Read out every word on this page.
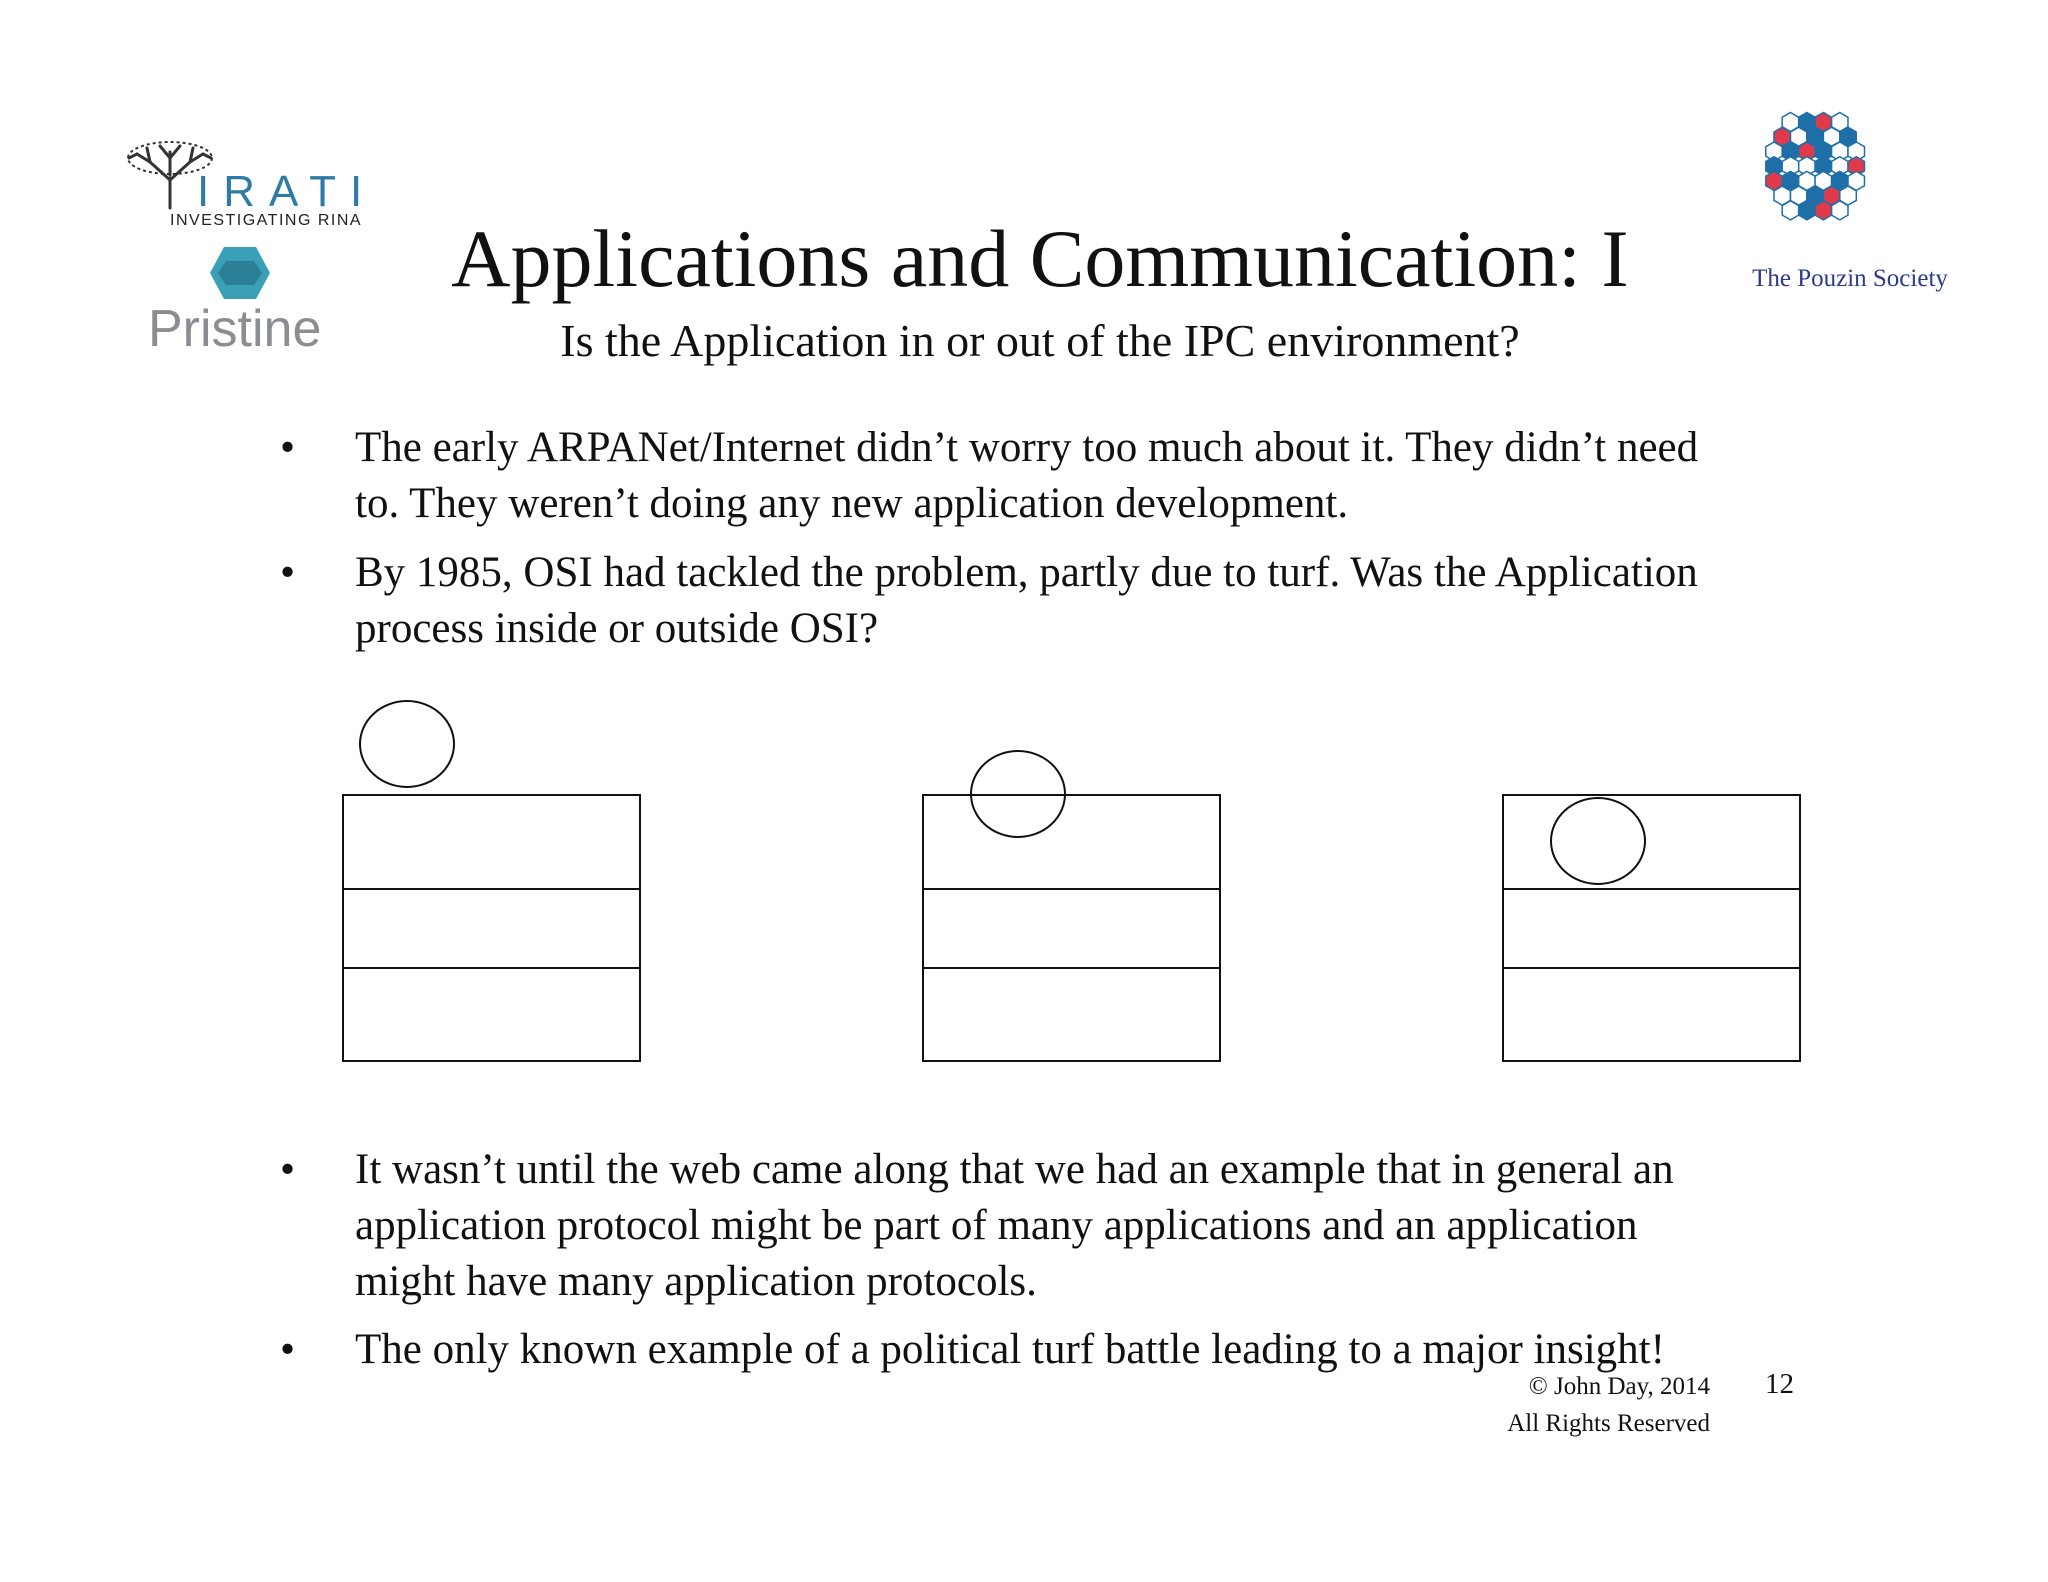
IRATI
INVESTIGATING RINA
Pristine
The Pouzin Society
Applications and Communication: I
Is the Application in or out of the IPC environment?
• The early ARPANet/Internet didn’t worry too much about it. They didn’t need
to. They weren’t doing any new application development.
• By 1985, OSI had tackled the problem, partly due to turf. Was the Application
process inside or outside OSI?
• It wasn’t until the web came along that we had an example that in general an
application protocol might be part of many applications and an application
might have many application protocols.
• The only known example of a political turf battle leading to a major insight!
© John Day, 2014
All Rights Reserved
12
